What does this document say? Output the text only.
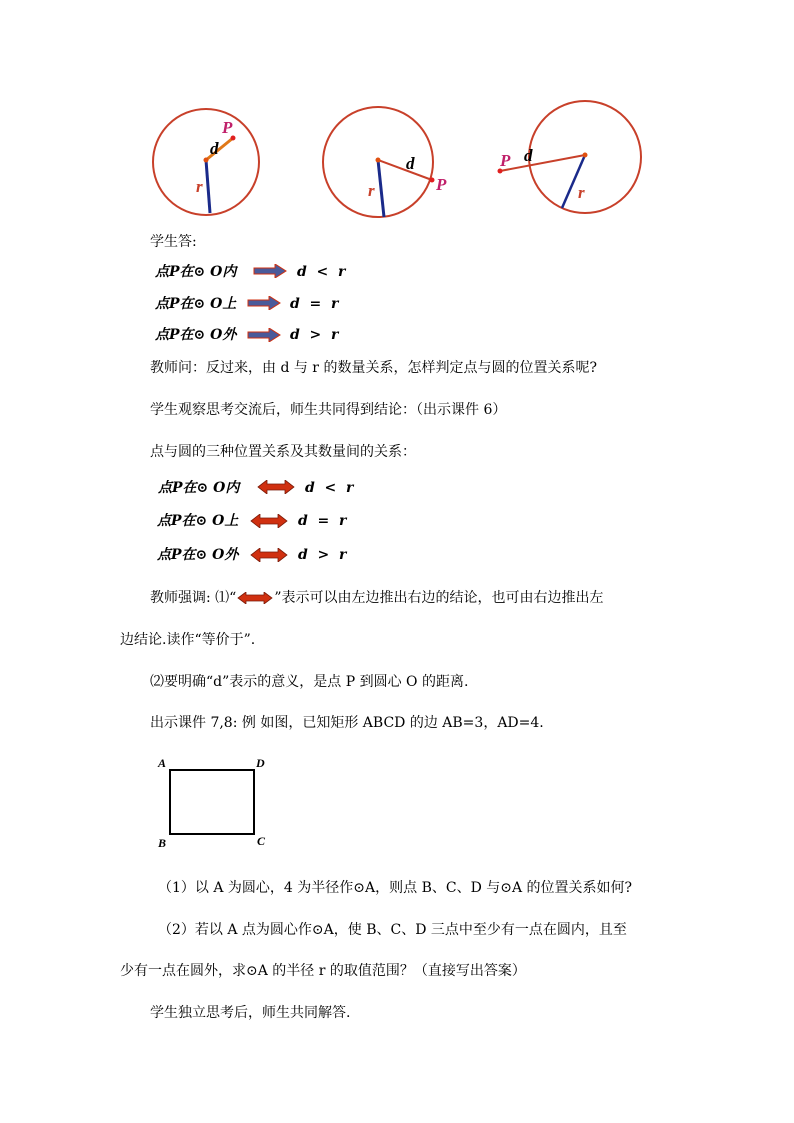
P
d
r
d
P
r
P d
r
学生答:
点P在⊙ O内	d < r
点P在⊙ O上	d = r
点P在⊙ O外	d > r
教师问：反过来，由 d 与 r 的数量关系，怎样判定点与圆的位置关系呢?
学生观察思考交流后，师生共同得到结论：（出示课件 6）
点与圆的三种位置关系及其数量间的关系：
点P在⊙ O内	d < r
点P在⊙ O上	d = r
点P在⊙ O外	d > r
教师强调: ⑴“	”表示可以由左边推出右边的结论，也可由右边推出左
边结论.读作“等价于”.
⑵要明确“d”表示的意义，是点 P 到圆心 O 的距离.
出示课件 7,8: 例 如图，已知矩形 ABCD 的边 AB=3，AD=4.
A	D
B	C
（1）以 A 为圆心，4 为半径作⊙A，则点 B、C、D 与⊙A 的位置关系如何?
（2）若以 A 点为圆心作⊙A，使 B、C、D 三点中至少有一点在圆内，且至
少有一点在圆外，求⊙A 的半径 r 的取值范围？（直接写出答案）
学生独立思考后，师生共同解答.
